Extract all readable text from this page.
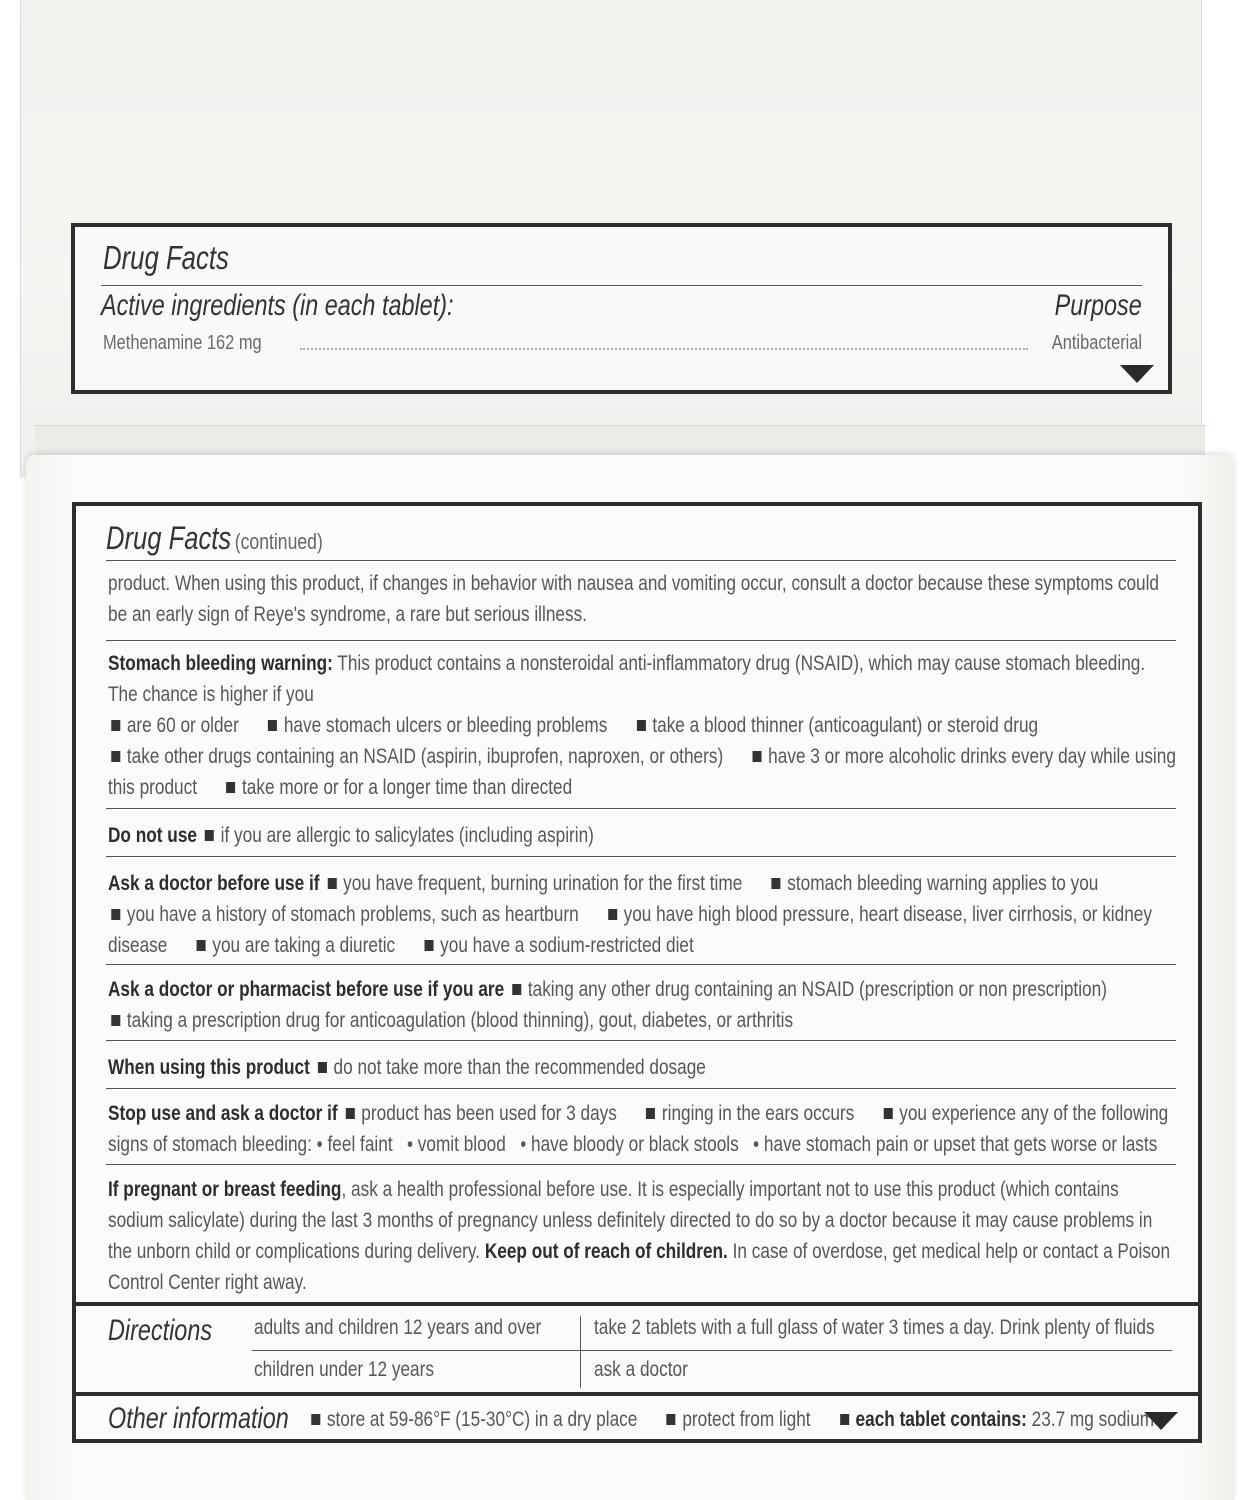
Drug Facts
Active ingredients (in each tablet):	Purpose
Methenamine 162 mg	Antibacterial
Drug Facts (continued)
product. When using this product, if changes in behavior with nausea and vomiting occur, consult a doctor because these symptoms could be an early sign of Reye's syndrome, a rare but serious illness.
Stomach bleeding warning: This product contains a nonsteroidal anti-inflammatory drug (NSAID), which may cause stomach bleeding. The chance is higher if you
are 60 or older have stomach ulcers or bleeding problems take a blood thinner (anticoagulant) or steroid drug
take other drugs containing an NSAID (aspirin, ibuprofen, naproxen, or others) have 3 or more alcoholic drinks every day while using this product take more or for a longer time than directed
Do not use if you are allergic to salicylates (including aspirin)
Ask a doctor before use if you have frequent, burning urination for the first time stomach bleeding warning applies to you
you have a history of stomach problems, such as heartburn you have high blood pressure, heart disease, liver cirrhosis, or kidney disease you are taking a diuretic you have a sodium-restricted diet
Ask a doctor or pharmacist before use if you are taking any other drug containing an NSAID (prescription or non prescription)
taking a prescription drug for anticoagulation (blood thinning), gout, diabetes, or arthritis
When using this product do not take more than the recommended dosage
Stop use and ask a doctor if product has been used for 3 days ringing in the ears occurs you experience any of the following signs of stomach bleeding: • feel faint   • vomit blood   • have bloody or black stools   • have stomach pain or upset that gets worse or lasts
If pregnant or breast feeding, ask a health professional before use. It is especially important not to use this product (which contains sodium salicylate) during the last 3 months of pregnancy unless definitely directed to do so by a doctor because it may cause problems in the unborn child or complications during delivery. Keep out of reach of children. In case of overdose, get medical help or contact a Poison Control Center right away.
Directions adults and children 12 years and over	take 2 tablets with a full glass of water 3 times a day. Drink plenty of fluids
children under 12 years	ask a doctor
Other information	store at 59-86°F (15-30°C) in a dry place protect from light each tablet contains: 23.7 mg sodium
